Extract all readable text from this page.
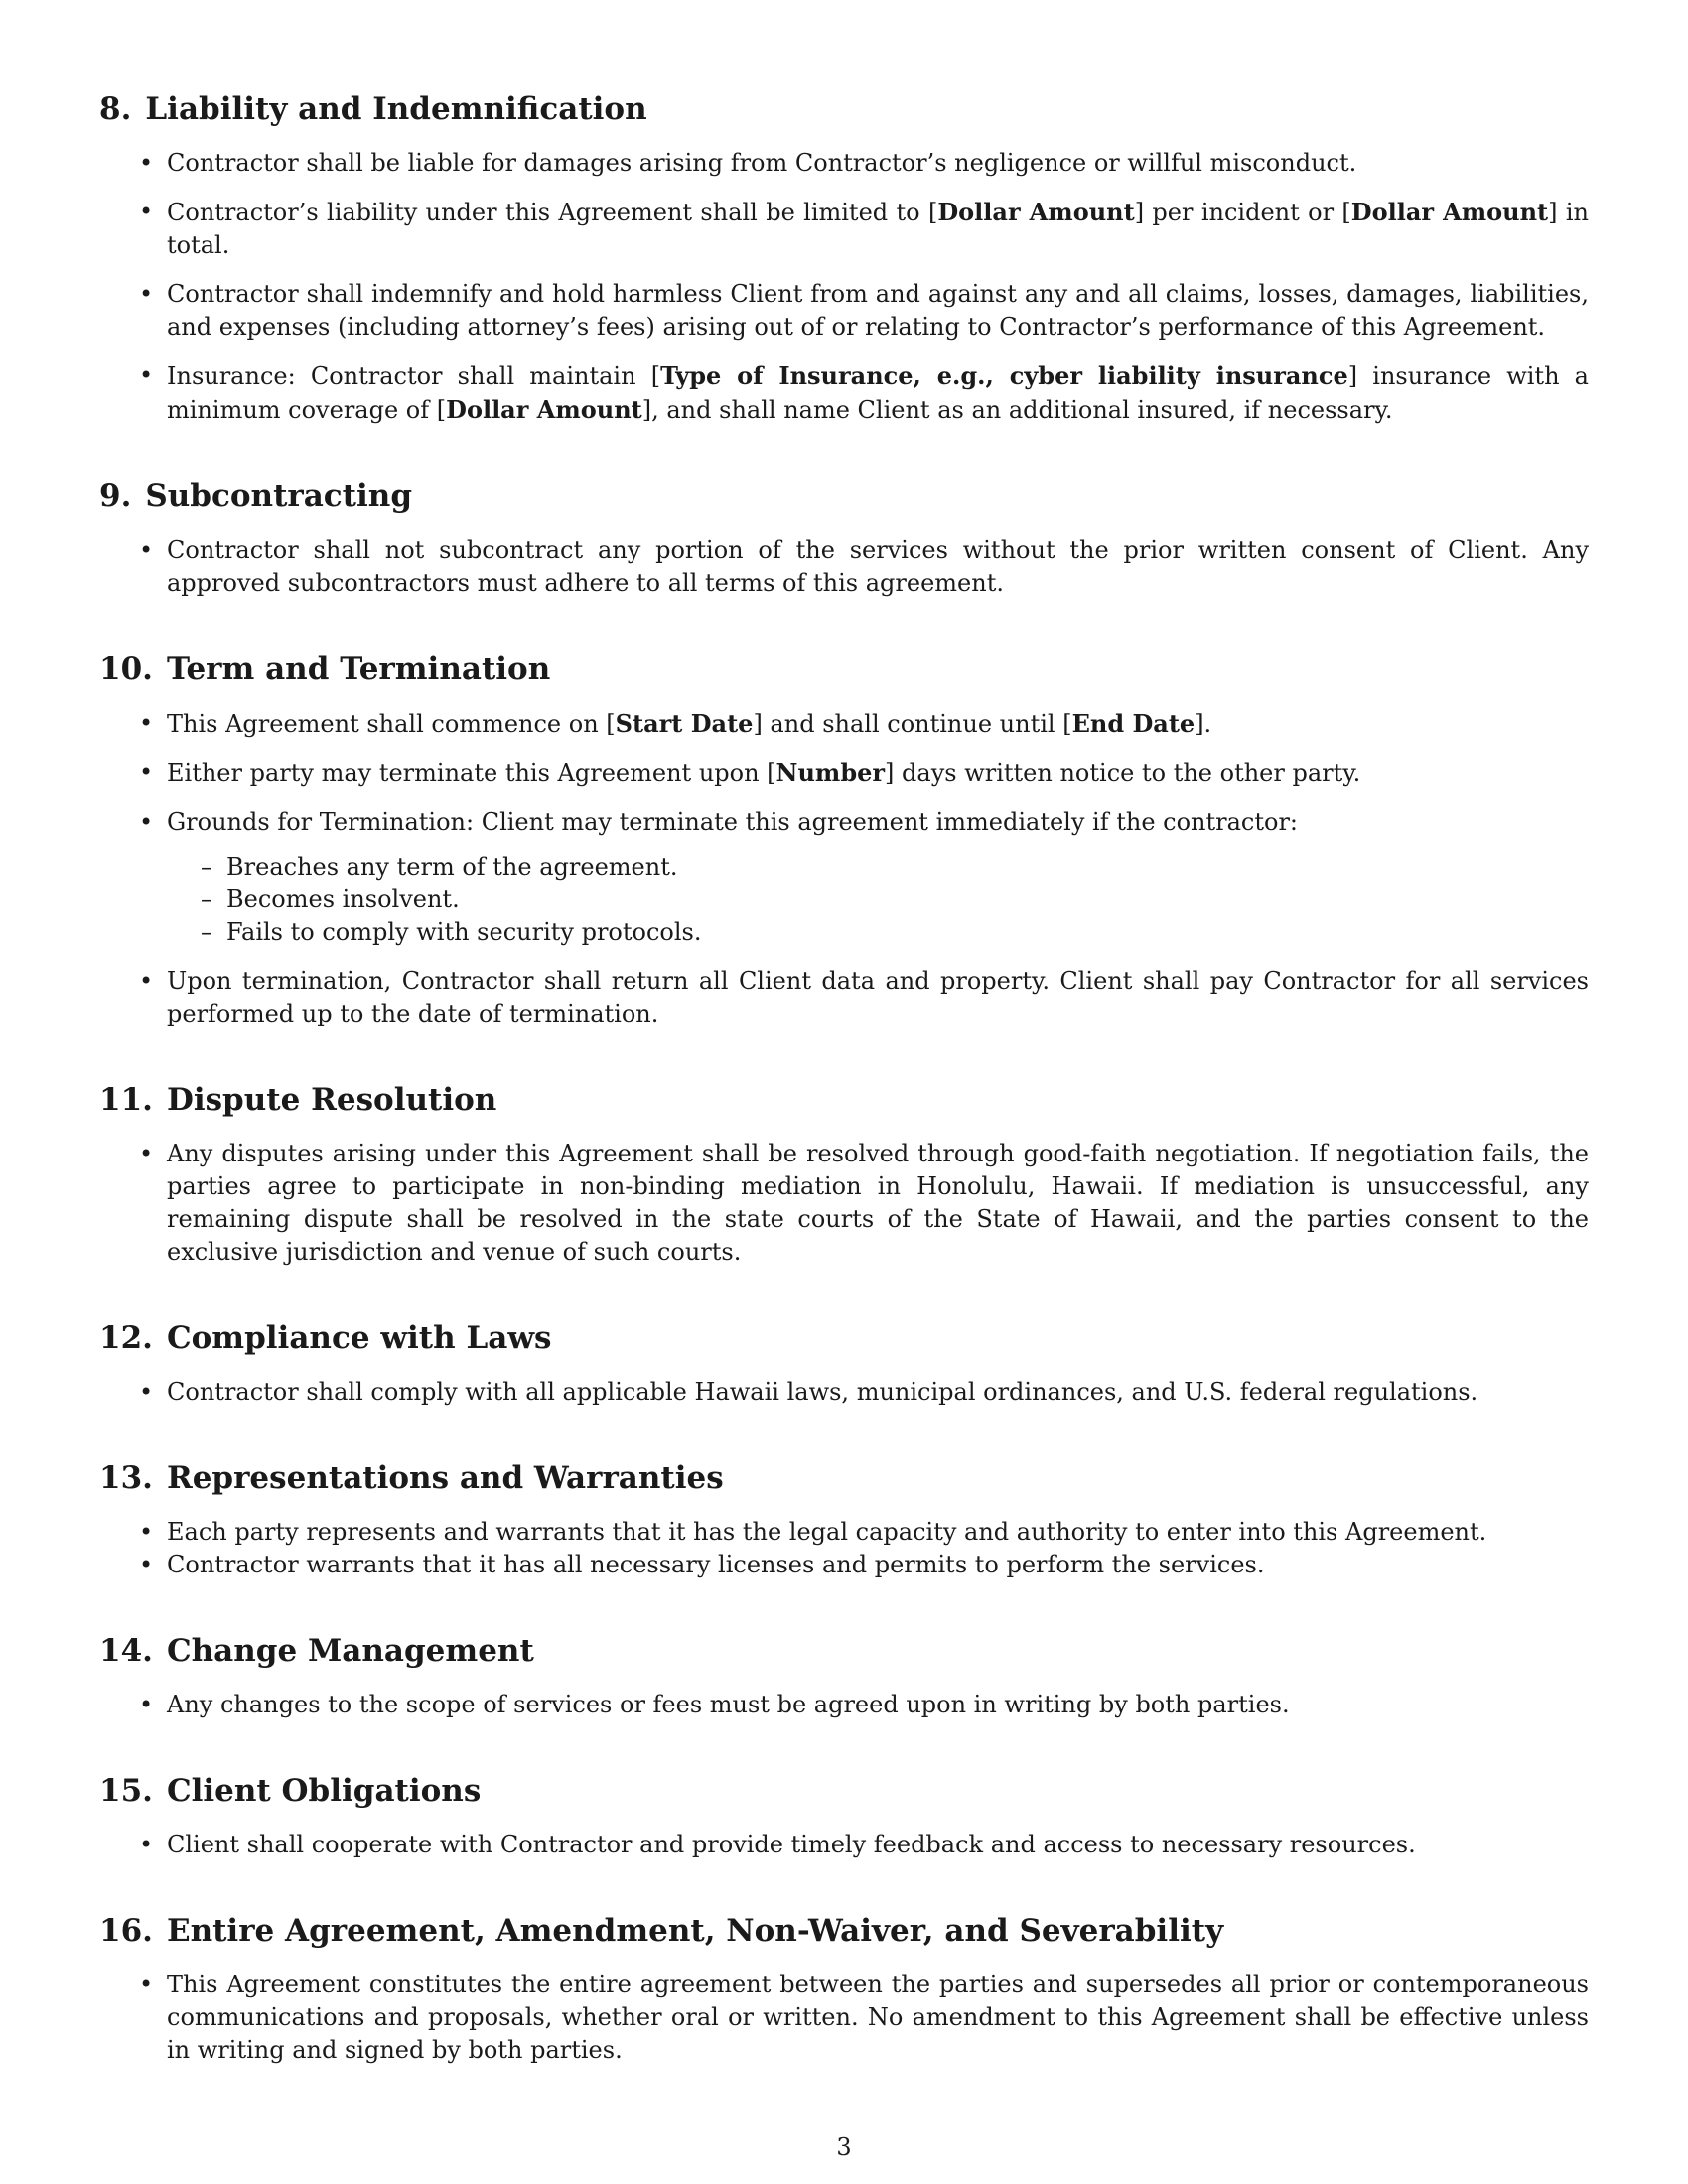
8. Liability and Indemnification
• Contractor shall be liable for damages arising from Contractor’s negligence or willful misconduct.
• Contractor’s liability under this Agreement shall be limited to [Dollar Amount] per incident or [Dollar Amount] in total.
• Contractor shall indemnify and hold harmless Client from and against any and all claims, losses, damages, liabilities, and expenses (including attorney’s fees) arising out of or relating to Contractor’s performance of this Agreement.
• Insurance: Contractor shall maintain [Type of Insurance, e.g., cyber liability insurance] insurance with a minimum coverage of [Dollar Amount], and shall name Client as an additional insured, if necessary.
9. Subcontracting
• Contractor shall not subcontract any portion of the services without the prior written consent of Client. Any approved subcontractors must adhere to all terms of this agreement.
10. Term and Termination
• This Agreement shall commence on [Start Date] and shall continue until [End Date].
• Either party may terminate this Agreement upon [Number] days written notice to the other party.
• Grounds for Termination: Client may terminate this agreement immediately if the contractor:
– Breaches any term of the agreement.
– Becomes insolvent.
– Fails to comply with security protocols.
• Upon termination, Contractor shall return all Client data and property. Client shall pay Contractor for all services performed up to the date of termination.
11. Dispute Resolution
• Any disputes arising under this Agreement shall be resolved through good-faith negotiation. If negotiation fails, the parties agree to participate in non-binding mediation in Honolulu, Hawaii. If mediation is unsuccessful, any remaining dispute shall be resolved in the state courts of the State of Hawaii, and the parties consent to the exclusive jurisdiction and venue of such courts.
12. Compliance with Laws
• Contractor shall comply with all applicable Hawaii laws, municipal ordinances, and U.S. federal regulations.
13. Representations and Warranties
• Each party represents and warrants that it has the legal capacity and authority to enter into this Agreement.
• Contractor warrants that it has all necessary licenses and permits to perform the services.
14. Change Management
• Any changes to the scope of services or fees must be agreed upon in writing by both parties.
15. Client Obligations
• Client shall cooperate with Contractor and provide timely feedback and access to necessary resources.
16. Entire Agreement, Amendment, Non-Waiver, and Severability
• This Agreement constitutes the entire agreement between the parties and supersedes all prior or contemporaneous communications and proposals, whether oral or written. No amendment to this Agreement shall be effective unless in writing and signed by both parties.
3
